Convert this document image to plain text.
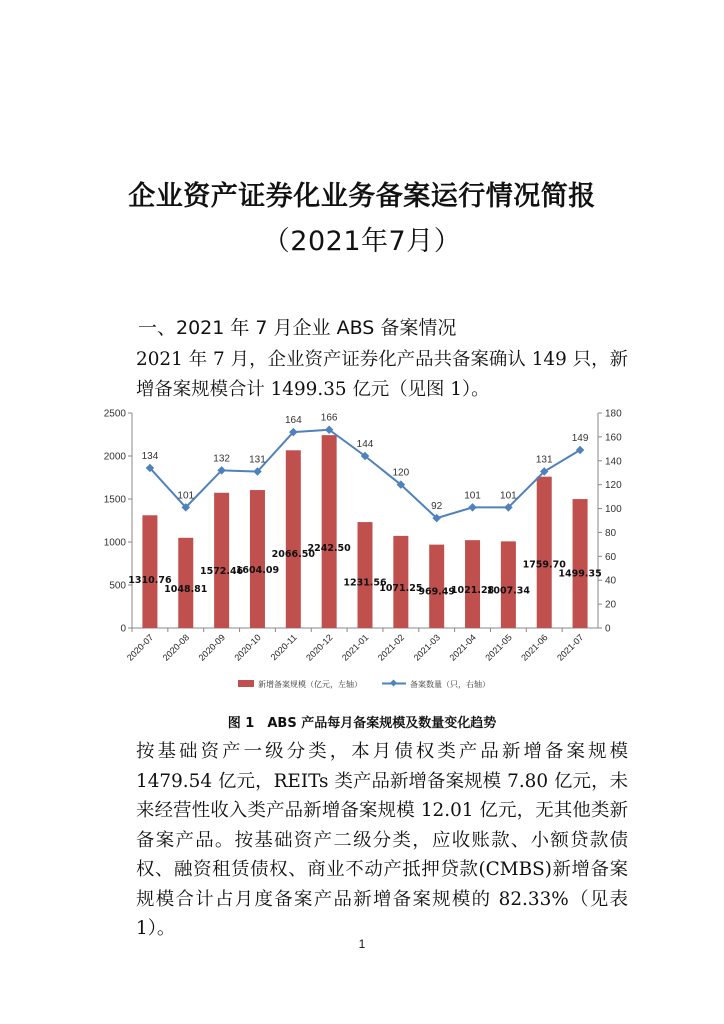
企业资产证券化业务备案运行情况简报
（2021年7月）
一、2021 年 7 月企业 ABS 备案情况
2021 年 7 月，企业资产证券化产品共备案确认 149 只，新增备案规模合计 1499.35 亿元（见图 1）。
0
500
1000
1500
2000
2500
0
20
40
60
80
100
120
140
160
180
2020-07 2020-08 2020-09 2020-10 2020-11 2020-12 2021-01 2021-02 2021-03 2021-04 2021-05 2021-06 2021-07
1310.76
1048.81
1572.46
1604.09
2066.50
2242.50
1231.56
1071.25
969.49
1021.28
1007.34
1759.70
1499.35
134
101
132 131
164 166
144
120
92
101 101
131
149
新增备案规模（亿元，左轴）	备案数量（只，右轴）
图 1　ABS 产品每月备案规模及数量变化趋势
按基础资产一级分类，本月债权类产品新增备案规模 1479.54 亿元，REITs 类产品新增备案规模 7.80 亿元，未来经营性收入类产品新增备案规模 12.01 亿元，无其他类新备案产品。按基础资产二级分类，应收账款、小额贷款债权、融资租赁债权、商业不动产抵押贷款(CMBS)新增备案规模合计占月度备案产品新增备案规模的 82.33%（见表 1）。
1
